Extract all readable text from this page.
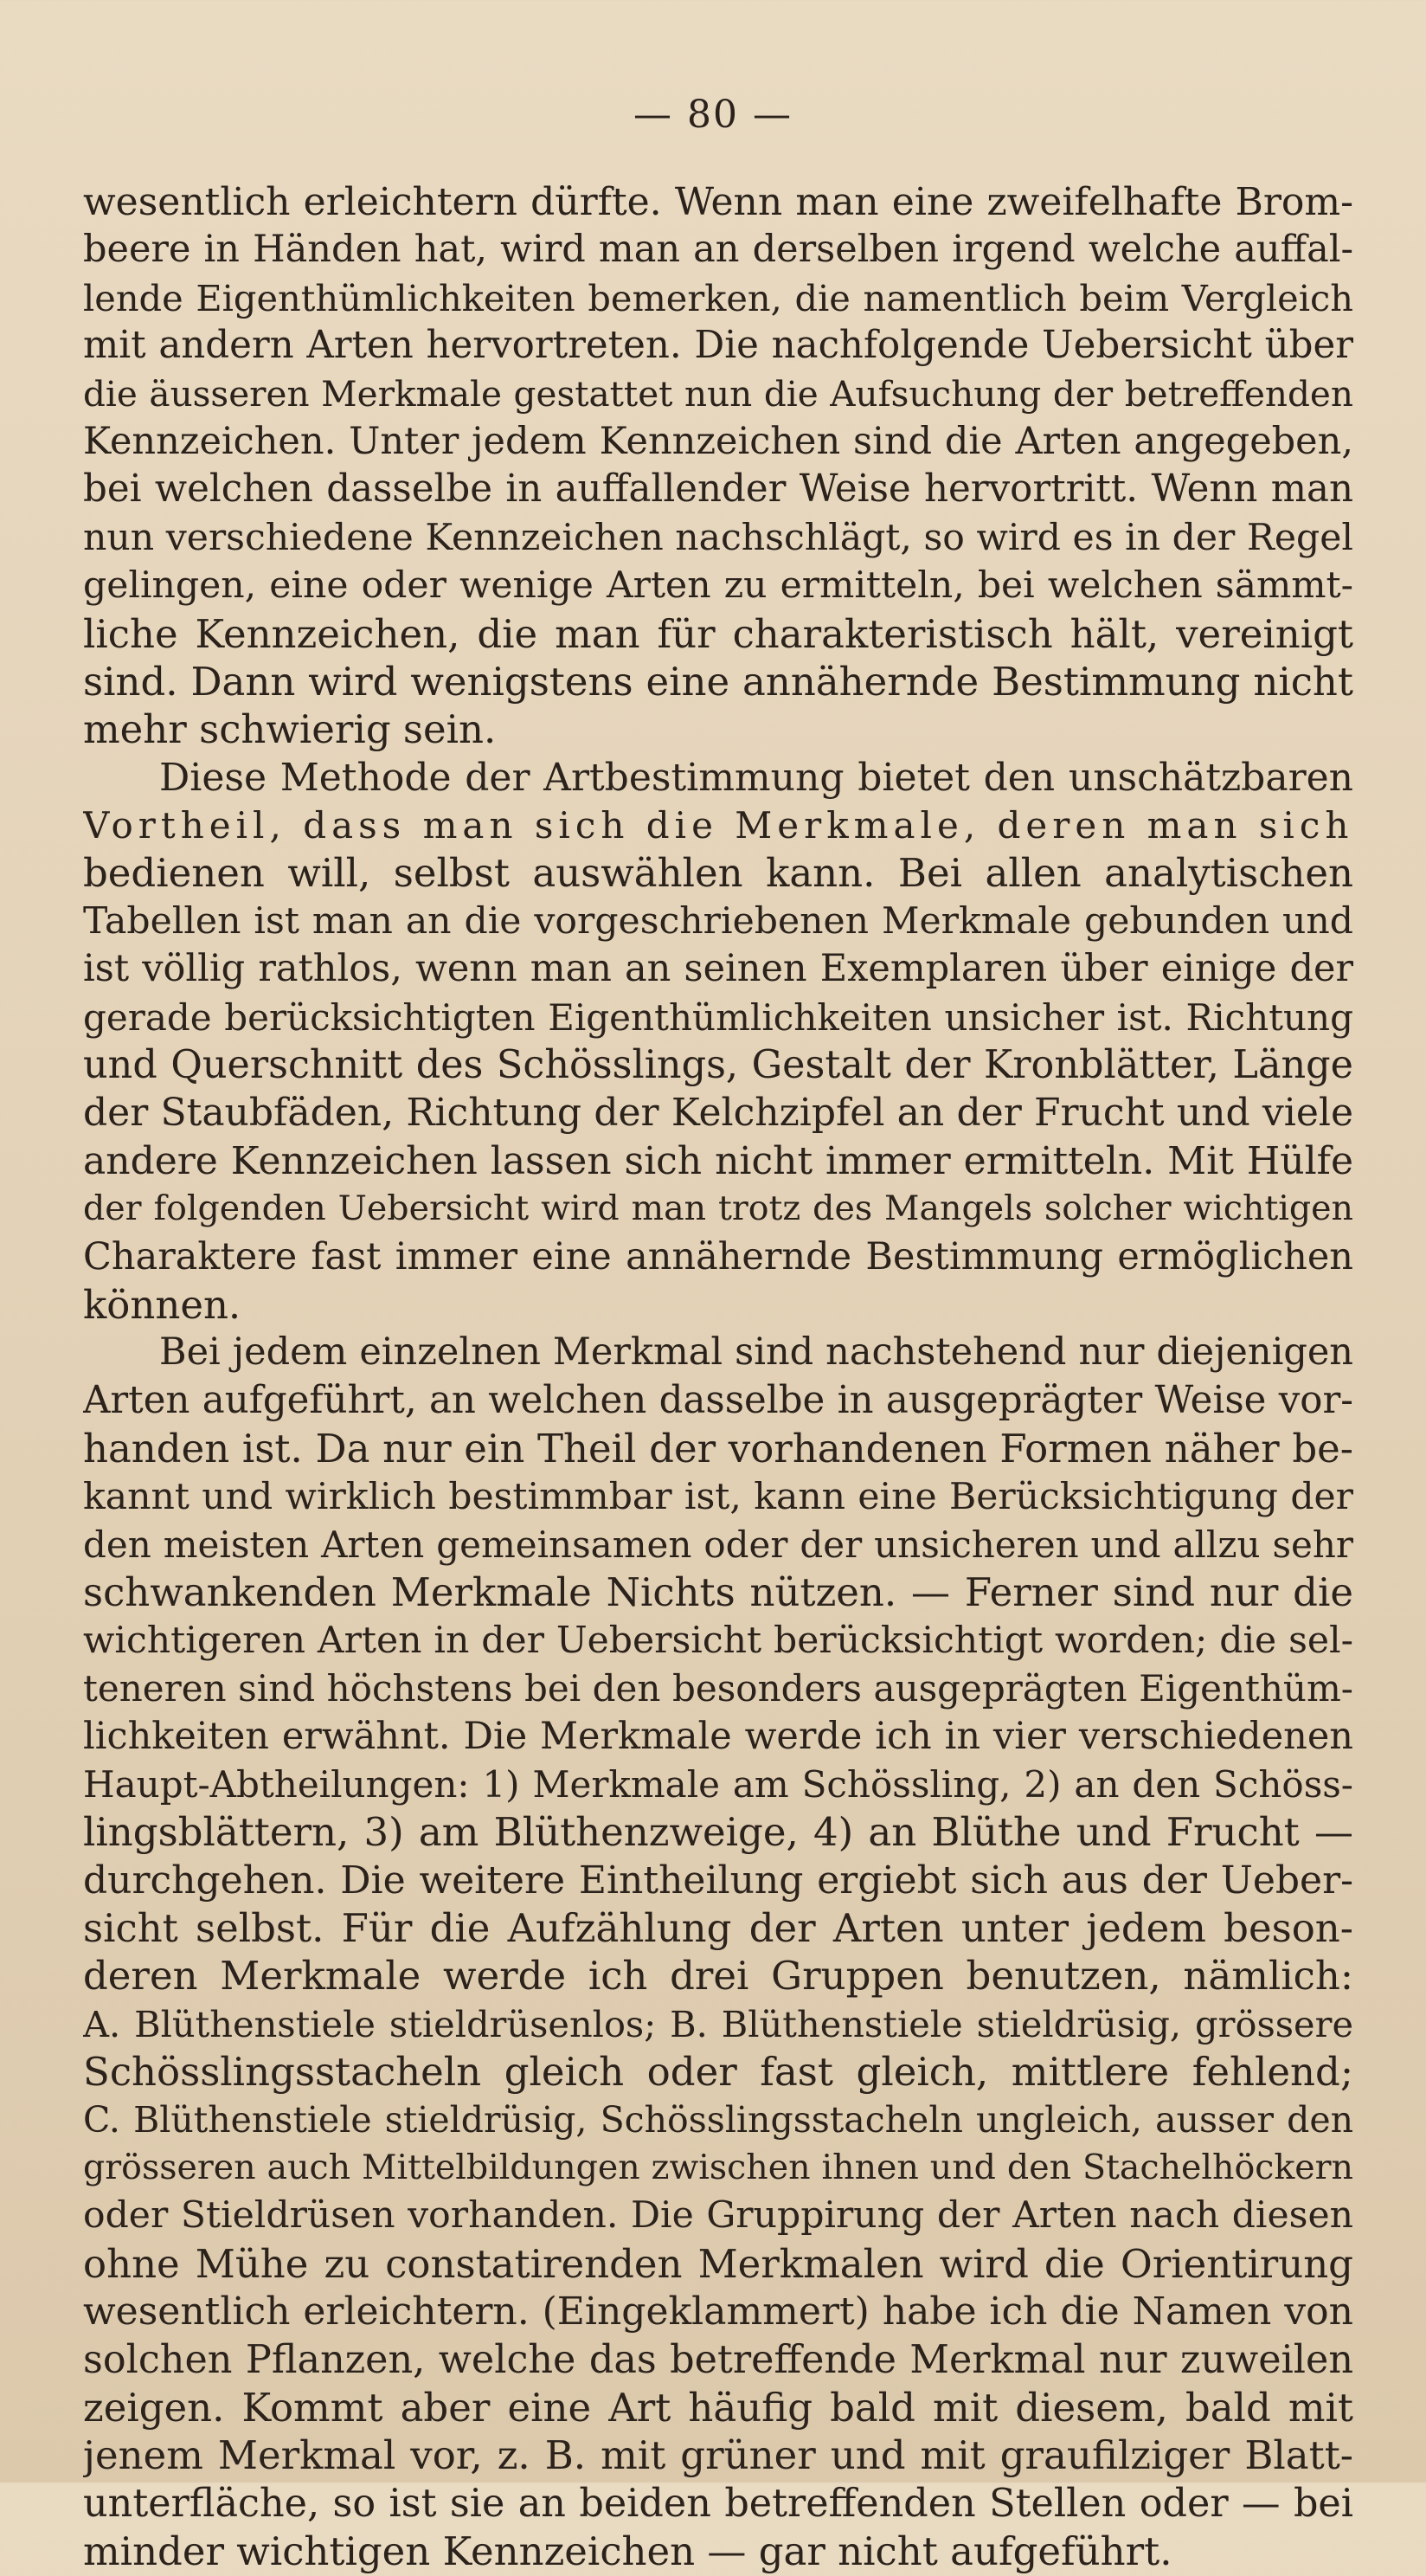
— 80 —
wesentlich erleichtern dürfte. Wenn man eine zweifelhafte Brom-
beere in Händen hat, wird man an derselben irgend welche auffal-
lende Eigenthümlichkeiten bemerken, die namentlich beim Vergleich
mit andern Arten hervortreten. Die nachfolgende Uebersicht über
die äusseren Merkmale gestattet nun die Aufsuchung der betreffenden
Kennzeichen. Unter jedem Kennzeichen sind die Arten angegeben,
bei welchen dasselbe in auffallender Weise hervortritt. Wenn man
nun verschiedene Kennzeichen nachschlägt, so wird es in der Regel
gelingen, eine oder wenige Arten zu ermitteln, bei welchen sämmt-
liche Kennzeichen, die man für charakteristisch hält, vereinigt
sind. Dann wird wenigstens eine annähernde Bestimmung nicht
mehr schwierig sein.
Diese Methode der Artbestimmung bietet den unschätzbaren
Vortheil, dass man sich die Merkmale, deren man sich
bedienen will, selbst auswählen kann. Bei allen analytischen
Tabellen ist man an die vorgeschriebenen Merkmale gebunden und
ist völlig rathlos, wenn man an seinen Exemplaren über einige der
gerade berücksichtigten Eigenthümlichkeiten unsicher ist. Richtung
und Querschnitt des Schösslings, Gestalt der Kronblätter, Länge
der Staubfäden, Richtung der Kelchzipfel an der Frucht und viele
andere Kennzeichen lassen sich nicht immer ermitteln. Mit Hülfe
der folgenden Uebersicht wird man trotz des Mangels solcher wichtigen
Charaktere fast immer eine annähernde Bestimmung ermöglichen
können.
Bei jedem einzelnen Merkmal sind nachstehend nur diejenigen
Arten aufgeführt, an welchen dasselbe in ausgeprägter Weise vor-
handen ist. Da nur ein Theil der vorhandenen Formen näher be-
kannt und wirklich bestimmbar ist, kann eine Berücksichtigung der
den meisten Arten gemeinsamen oder der unsicheren und allzu sehr
schwankenden Merkmale Nichts nützen. — Ferner sind nur die
wichtigeren Arten in der Uebersicht berücksichtigt worden; die sel-
teneren sind höchstens bei den besonders ausgeprägten Eigenthüm-
lichkeiten erwähnt. Die Merkmale werde ich in vier verschiedenen
Haupt-Abtheilungen: 1) Merkmale am Schössling, 2) an den Schöss-
lingsblättern, 3) am Blüthenzweige, 4) an Blüthe und Frucht —
durchgehen. Die weitere Eintheilung ergiebt sich aus der Ueber-
sicht selbst. Für die Aufzählung der Arten unter jedem beson-
deren Merkmale werde ich drei Gruppen benutzen, nämlich:
A. Blüthenstiele stieldrüsenlos; B. Blüthenstiele stieldrüsig, grössere
Schösslingsstacheln gleich oder fast gleich, mittlere fehlend;
C. Blüthenstiele stieldrüsig, Schösslingsstacheln ungleich, ausser den
grösseren auch Mittelbildungen zwischen ihnen und den Stachelhöckern
oder Stieldrüsen vorhanden. Die Gruppirung der Arten nach diesen
ohne Mühe zu constatirenden Merkmalen wird die Orientirung
wesentlich erleichtern. (Eingeklammert) habe ich die Namen von
solchen Pflanzen, welche das betreffende Merkmal nur zuweilen
zeigen. Kommt aber eine Art häufig bald mit diesem, bald mit
jenem Merkmal vor, z. B. mit grüner und mit graufilziger Blatt-
unterfläche, so ist sie an beiden betreffenden Stellen oder — bei
minder wichtigen Kennzeichen — gar nicht aufgeführt.
